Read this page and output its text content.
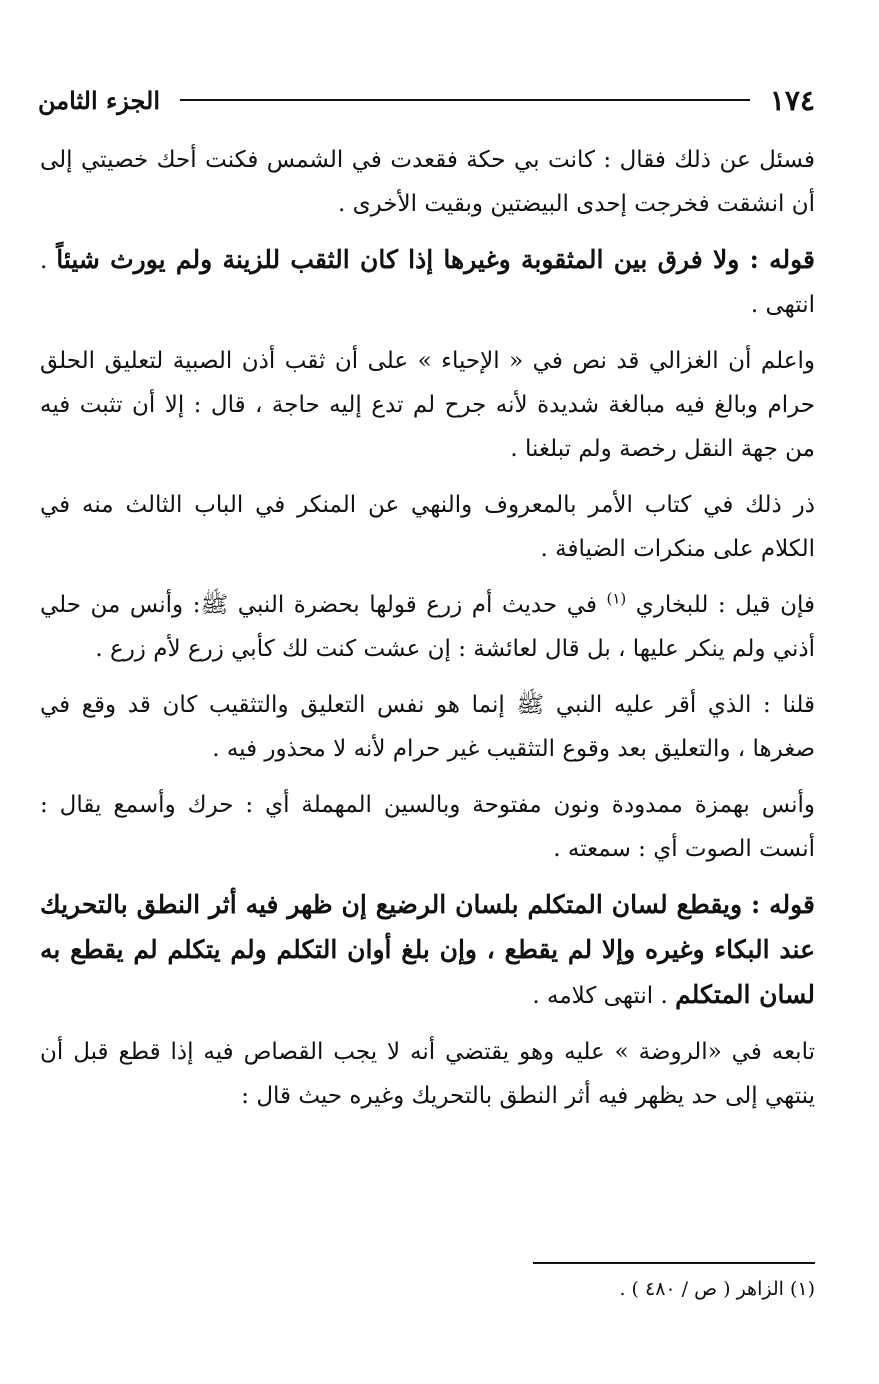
١٧٤
الجزء الثامن

فسئل عن ذلك فقال : كانت بي حكة فقعدت في الشمس فكنت أحك خصيتي إلى أن انشقت فخرجت إحدى البيضتين وبقيت الأخرى .

قوله : ولا فرق بين المثقوبة وغيرها إذا كان الثقب للزينة ولم يورث شيئاً . انتهى .

واعلم أن الغزالي قد نص في « الإحياء » على أن ثقب أذن الصبية لتعليق الحلق حرام وبالغ فيه مبالغة شديدة لأنه جرح لم تدع إليه حاجة ، قال : إلا أن تثبت فيه من جهة النقل رخصة ولم تبلغنا .

ذر ذلك في كتاب الأمر بالمعروف والنهي عن المنكر في الباب الثالث منه في الكلام على منكرات الضيافة .

فإن قيل : للبخاري $^{(١)}$ في حديث أم زرع قولها بحضرة النبي ﷺ: وأنس من حلي أذني ولم ينكر عليها ، بل قال لعائشة : إن عشت كنت لك كأبي زرع لأم زرع .

قلنا : الذي أقر عليه النبي ﷺ إنما هو نفس التعليق والتثقيب كان قد وقع في صغرها ، والتعليق بعد وقوع التثقيب غير حرام لأنه لا محذور فيه .

وأنس بهمزة ممدودة ونون مفتوحة وبالسين المهملة أي : حرك وأسمع يقال : أنست الصوت أي : سمعته .

قوله : ويقطع لسان المتكلم بلسان الرضيع إن ظهر فيه أثر النطق بالتحريك عند البكاء وغيره وإلا لم يقطع ، وإن بلغ أوان التكلم ولم يتكلم لم يقطع به لسان المتكلم . انتهى كلامه .

تابعه في «الروضة » عليه وهو يقتضي أنه لا يجب القصاص فيه إذا قطع قبل أن ينتهي إلى حد يظهر فيه أثر النطق بالتحريك وغيره حيث قال :

(١) الزاهر ( ص / ٤٨٠ ) .
